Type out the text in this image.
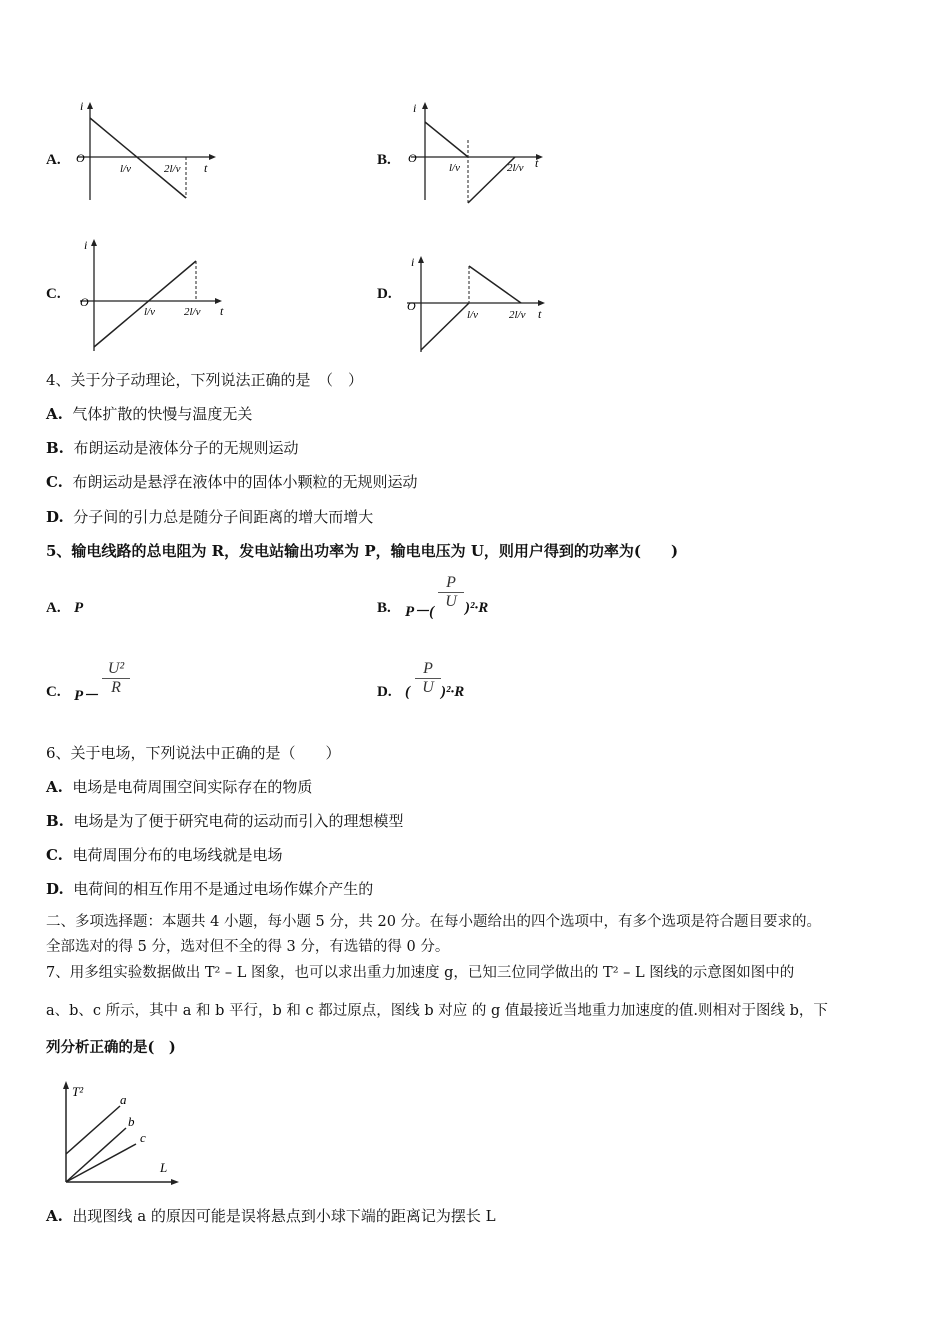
A.
i
O
l/v	2l/v t	B.
i
O
l/v	2l/v t
C.
i
O
l/v	2l/v t
D.
i
O
l/v	2l/v t
4、关于分子动理论，下列说法正确的是　（　）
A. 气体扩散的快慢与温度无关
B. 布朗运动是液体分子的无规则运动
C. 布朗运动是悬浮在液体中的固体小颗粒的无规则运动
D. 分子间的引力总是随分子间距离的增大而增大
5、输电线路的总电阻为 R，发电站输出功率为 P，输电电压为 U，则用户得到的功率为(　　)
A. P	B. P－(
$\frac{P}{U} )^2\cdot R$
C. $P- \frac{\text{U²}}{R}$	D. ( $\frac{P}{U} )^2\cdot R$
6、关于电场，下列说法中正确的是（　　）
A. 电场是电荷周围空间实际存在的物质
B. 电场是为了便于研究电荷的运动而引入的理想模型
C. 电荷周围分布的电场线就是电场
D. 电荷间的相互作用不是通过电场作媒介产生的
二、多项选择题：本题共 4 小题，每小题 5 分，共 20 分。在每小题给出的四个选项中，有多个选项是符合题目要求的。
全部选对的得 5 分，选对但不全的得 3 分，有选错的得 0 分。
7、用多组实验数据做出 T² – L 图象，也可以求出重力加速度 g，已知三位同学做出的 T² – L 图线的示意图如图中的
a、b、c 所示，其中 a 和 b 平行，b 和 c 都过原点，图线 b 对应 的 g 值最接近当地重力加速度的值.则相对于图线 b，下
列分析正确的是(　)
T²
a
b
c
L
A. 出现图线 a 的原因可能是误将悬点到小球下端的距离记为摆长 L
